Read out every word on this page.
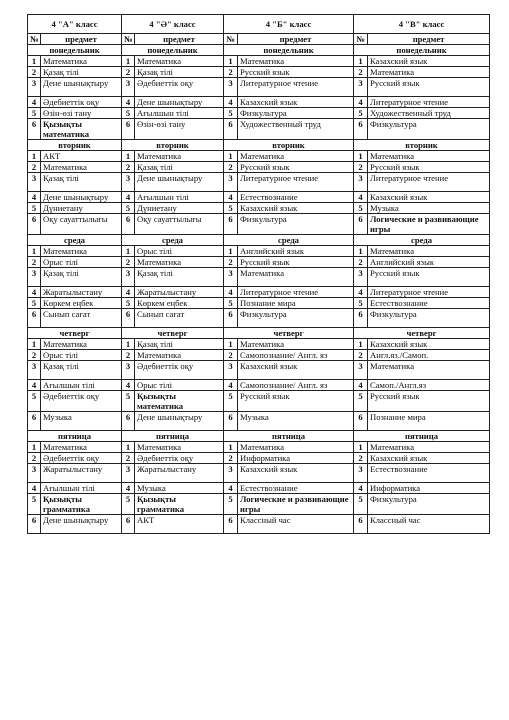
4 "А" класс		4 "Ә" класс		4 "Б" класс		4 "В" класс	
№	предмет	№	предмет	№	предмет	№	предмет
понедельник		понедельник		понедельник		понедельник	
1	Математика	1	Математика	1	Математика	1	Казахский язык
2	Қазақ тілі	2	Қазақ тілі	2	Русский язык	2	Математика
3	Дене шынықтыру	3	Әдебиеттік оқу	3	Литературное чтение	3	Русский язык
4	Әдебиеттік оқу	4	Дене шынықтыру	4	Казахский язык	4	Литературное чтение
5	Өзін-өзі тану	5	Ағылшын тілі	5	Физкультура	5	Художественный труд
6	Қызықты математика	6	Өзін-өзі тану	6	Художественный труд	6	Физкультура
вторник		вторник		вторник		вторник	
1	АКТ	1	Математика	1	Математика	1	Математика
2	Математика	2	Қазақ тілі	2	Русский язык	2	Русский язык
3	Қазақ тілі	3	Дене шынықтыру	3	Литературное чтение	3	Литературное чтение
4	Дене шынықтыру	4	Ағылшын тілі	4	Естествознание	4	Казахский язык
5	Дүниетану	5	Дүниетану	5	Казахский язык	5	Музыка
6	Оқу сауаттылығы	6	Оқу сауаттылығы	6	Физкультура	6	Логические и развивающие игры
среда		среда		среда		среда	
1	Математика	1	Орыс тілі	1	Английский язык	1	Математика
2	Орыс тілі	2	Математика	2	Русский язык	2	Английский язык
3	Қазақ тілі	3	Қазақ тілі	3	Математика	3	Русский язык
4	Жаратылыстану	4	Жаратылыстану	4	Литературное чтение	4	Литературное чтение
5	Көркем еңбек	5	Көркем еңбек	5	Познание мира	5	Естествознание
6	Сынып сағат	6	Сынып сағат	6	Физкультура	6	Физкультура
четверг		четверг		четверг		четверг	
1	Математика	1	Қазақ тілі	1	Математика	1	Казахский язык
2	Орыс тілі	2	Математика	2	Самопознание/ Англ. яз	2	Англ.яз./Самоп.
3	Қазақ тілі	3	Әдебиеттік оқу	3	Казахский язык	3	Математика
4	Ағылшын тілі	4	Орыс тілі	4	Самопознание/ Англ. яз	4	Самоп./Англ.яз
5	Әдебиеттік оқу	5	Қызықты математика	5	Русский язык	5	Русский язык
6	Музыка	6	Дене шынықтыру	6	Музыка	6	Познание мира
пятница		пятница		пятница		пятница	
1	Математика	1	Математика	1	Математика	1	Математика
2	Әдебиеттік оқу	2	Әдебиеттік оқу	2	Информатика	2	Казахский язык
3	Жаратылыстану	3	Жаратылыстану	3	Казахский язык	3	Естествознание
4	Ағылшын тілі	4	Музыка	4	Естествознание	4	Информатика
5	Қызықты грамматика	5	Қызықты грамматика	5	Логические и развивающие игры	5	Физкультура
6	Дене шынықтыру	6	АКТ	6	Классный час	6	Классный час
